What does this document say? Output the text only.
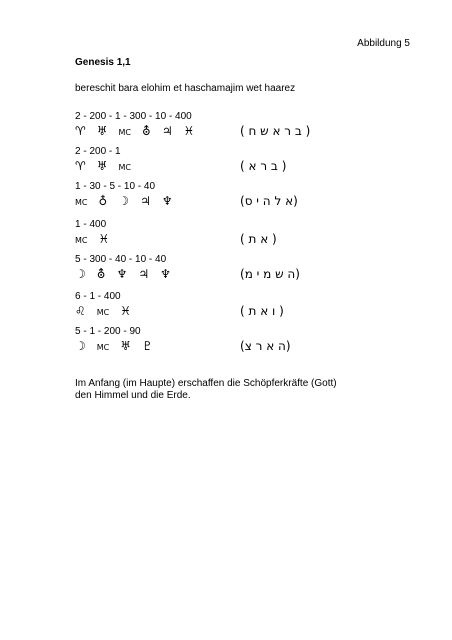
Abbildung 5
Genesis 1,1
bereschit bara elohim et haschamajim wet haarez
2 - 200 - 1 - 300 - 10 - 400
♈ ♅ MC ⛢ ♃ ♓	( ב ר א ש ח )
2 - 200 - 1
♈ ♅ MC	( ב ר א )
1 - 30 - 5 - 10 - 40
MC ♁ ☽ ♃ ♆	(א ל ה י ס)
1 - 400
MC ♓	( א ת )
5 - 300 - 40 - 10 - 40
☽ ⛢ ♆ ♃ ♆	(ה ש מ י מ)
6 - 1 - 400
♌ MC ♓	( ו א ת )
5 - 1 - 200 - 90
☽ MC ♅ ♇	(ה א ר צ)
Im Anfang (im Haupte) erschaffen die Schöpferkräfte (Gott)
den Himmel und die Erde.
